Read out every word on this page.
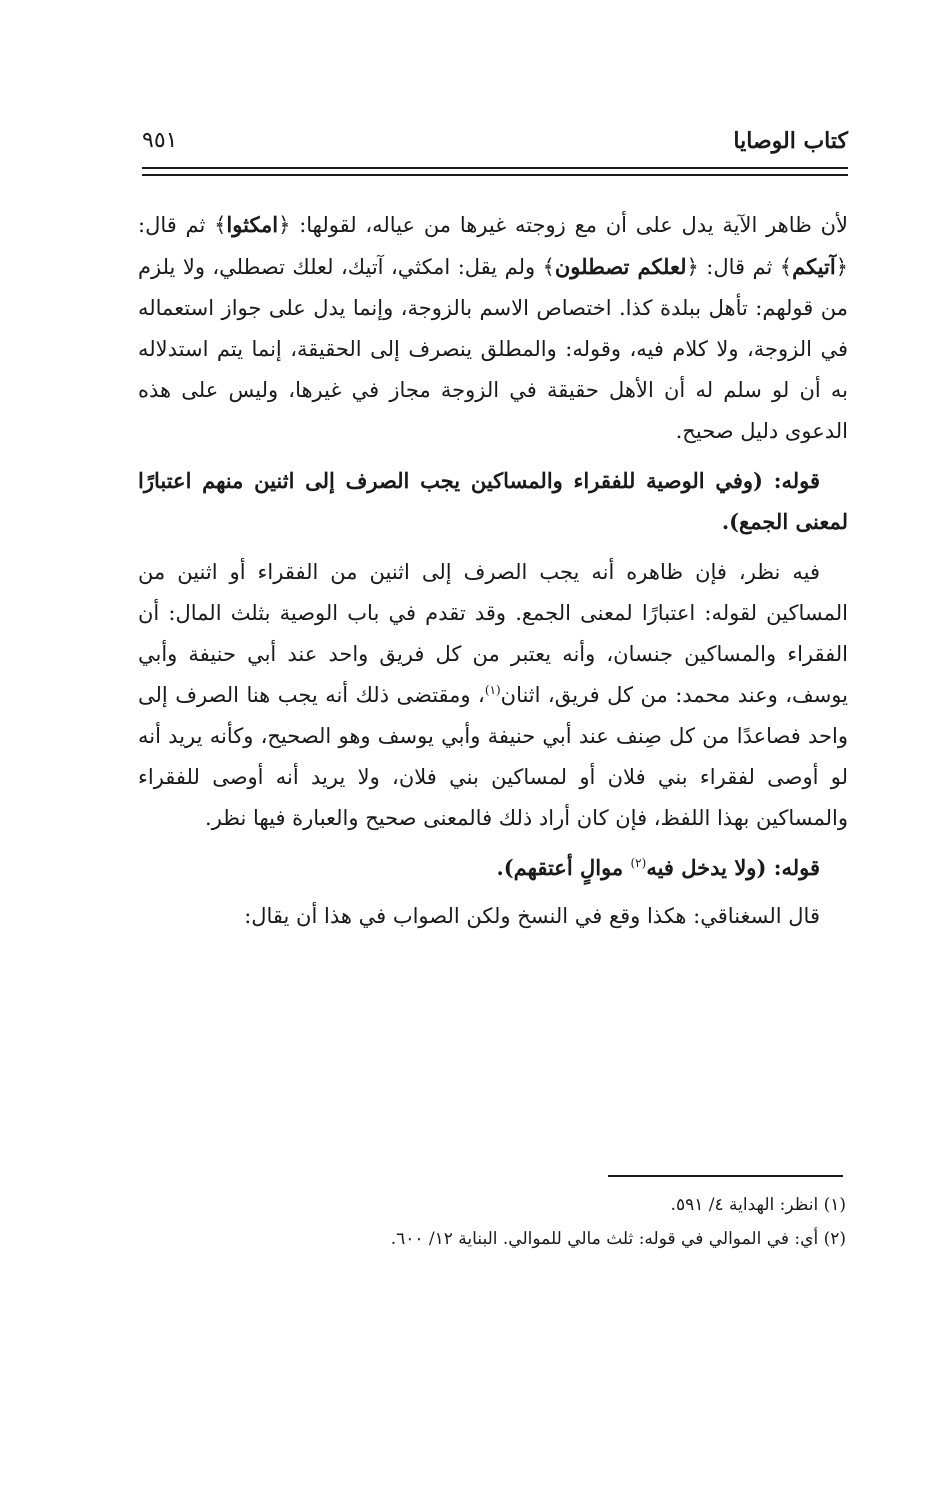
كتاب الوصايا
٩٥١

لأن ظاهر الآية يدل على أن مع زوجته غيرها من عياله، لقولها: ﴿امكثوا﴾ ثم قال: ﴿آتيكم﴾ ثم قال: ﴿لعلكم تصطلون﴾ ولم يقل: امكثي، آتيك، لعلك تصطلي، ولا يلزم من قولهم: تأهل ببلدة كذا. اختصاص الاسم بالزوجة، وإنما يدل على جواز استعماله في الزوجة، ولا كلام فيه، وقوله: والمطلق ينصرف إلى الحقيقة، إنما يتم استدلاله به أن لو سلم له أن الأهل حقيقة في الزوجة مجاز في غيرها، وليس على هذه الدعوى دليل صحيح.

قوله: (وفي الوصية للفقراء والمساكين يجب الصرف إلى اثنين منهم اعتبارًا لمعنى الجمع).

فيه نظر، فإن ظاهره أنه يجب الصرف إلى اثنين من الفقراء أو اثنين من المساكين لقوله: اعتبارًا لمعنى الجمع. وقد تقدم في باب الوصية بثلث المال: أن الفقراء والمساكين جنسان، وأنه يعتبر من كل فريق واحد عند أبي حنيفة وأبي يوسف، وعند محمد: من كل فريق، اثنان$^{(١)}$، ومقتضى ذلك أنه يجب هنا الصرف إلى واحد فصاعدًا من كل صِنف عند أبي حنيفة وأبي يوسف وهو الصحيح، وكأنه يريد أنه لو أوصى لفقراء بني فلان أو لمساكين بني فلان، ولا يريد أنه أوصى للفقراء والمساكين بهذا اللفظ، فإن كان أراد ذلك فالمعنى صحيح والعبارة فيها نظر.

قوله: (ولا يدخل فيه$^{(٢)}$ موالٍ أعتقهم).

قال السغناقي: هكذا وقع في النسخ ولكن الصواب في هذا أن يقال:

(١) انظر: الهداية ٤/ ٥٩١.

(٢) أي: في الموالي في قوله: ثلث مالي للموالي. البناية ١٢/ ٦٠٠.
